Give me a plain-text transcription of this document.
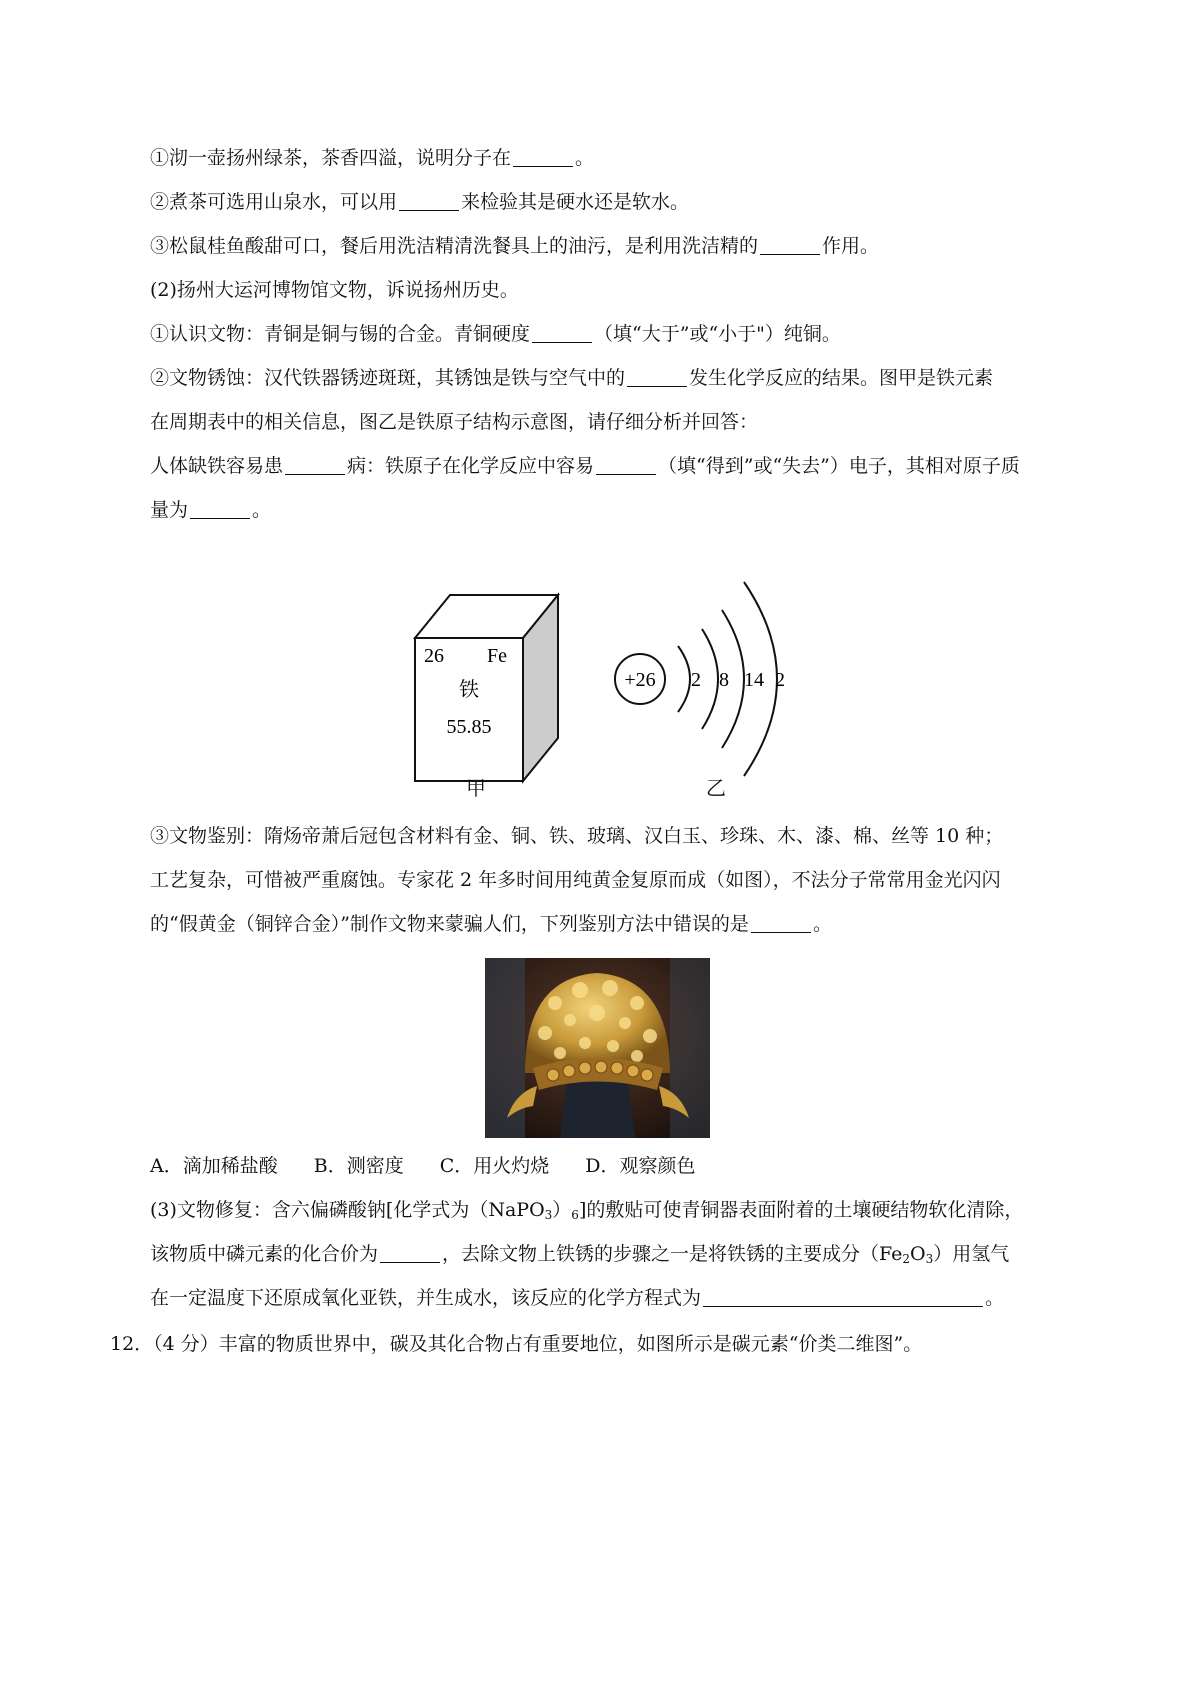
①沏一壶扬州绿茶，茶香四溢，说明分子在	。
②煮茶可选用山泉水，可以用	来检验其是硬水还是软水。
③松鼠桂鱼酸甜可口，餐后用洗洁精清洗餐具上的油污，是利用洗洁精的	作用。
(2)扬州大运河博物馆文物，诉说扬州历史。
①认识文物：青铜是铜与锡的合金。青铜硬度	（填“大于”或“小于"）纯铜。
②文物锈蚀：汉代铁器锈迹斑斑，其锈蚀是铁与空气中的	发生化学反应的结果。图甲是铁元素
在周期表中的相关信息，图乙是铁原子结构示意图，请仔细分析并回答：
人体缺铁容易患	病：铁原子在化学反应中容易	（填“得到”或“失去”）电子，其相对原子质
量为	。
26 Fe
铁
55.85
+26 2 8 14 2
甲	乙
③文物鉴别：隋炀帝萧后冠包含材料有金、铜、铁、玻璃、汉白玉、珍珠、木、漆、棉、丝等 10 种；
工艺复杂，可惜被严重腐蚀。专家花 2 年多时间用纯黄金复原而成（如图），不法分子常常用金光闪闪
的“假黄金（铜锌合金）”制作文物来蒙骗人们，下列鉴别方法中错误的是	。
A．滴加稀盐酸 B．测密度 C．用火灼烧 D．观察颜色
(3)文物修复：含六偏磷酸钠[化学式为$(NaPO_3)_6$]的敷贴可使青铜器表面附着的土壤硬结物软化清除，
该物质中磷元素的化合价为	，去除文物上铁锈的步骤之一是将铁锈的主要成分$(Fe_2O_3)$用氢气
在一定温度下还原成氧化亚铁，并生成水，该反应的化学方程式为	。
12．（4 分）丰富的物质世界中，碳及其化合物占有重要地位，如图所示是碳元素“价类二维图”。
